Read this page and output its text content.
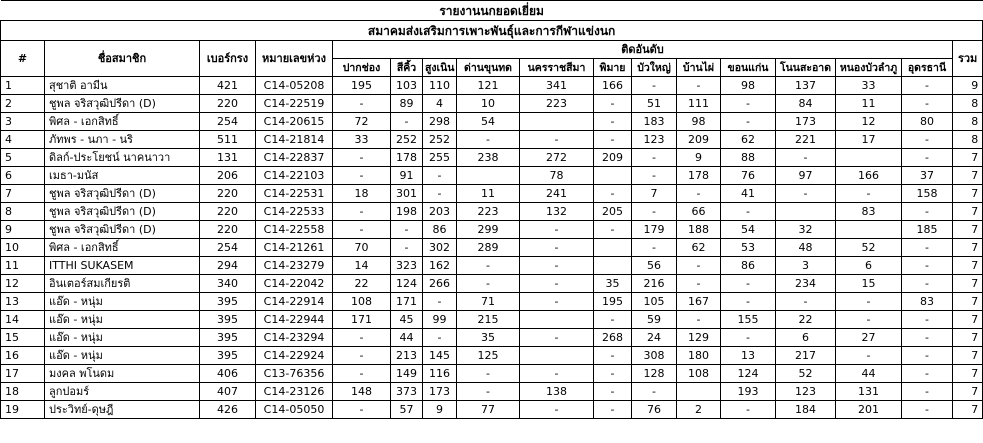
รายงานนกยอดเยี่ยม																
สมาคมส่งเสริมการเพาะพันธุ์และการกีฬาแข่งนก																
#	ชื่อสมาชิก	เบอร์กรง	หมายเลขห่วง	ติดอันดับ												รวม
				ปากช่อง	สีคิ้ว	สูงเนิน	ด่านขุนทด	นครราชสีมา	พิมาย	บัวใหญ่	บ้านไผ่	ขอนแก่น	โนนสะอาด	หนองบัวลำภู	อุดรธานี	
1	สุชาติ อามีน	421	C14-05208	195	103	110	121	341	166	-	-	98	137	33	-	9
2	ชูพล จริสวุฒิปรีดา (D)	220	C14-22519	-	89	4	10	223	-	51	111	-	84	11	-	8
3	พิศล - เอกสิทธิ์	254	C14-20615	72	-	298	54		-	183	98	-	173	12	80	8
4	ภัทพร - นภา - นริ	511	C14-21814	33	252	252	-	-	-	123	209	62	221	17	-	8
5	ดิลก์-ประโยชน์ นาคนาวา	131	C14-22837	-	178	255	238	272	209	-	9	88	-		-	7
6	เมธา-มนัส	206	C14-22103	-	91	-		78		-	178	76	97	166	37	7
7	ชูพล จริสวุฒิปรีดา (D)	220	C14-22531	18	301	-	11	241	-	7	-	41	-	-	158	7
8	ชูพล จริสวุฒิปรีดา (D)	220	C14-22533	-	198	203	223	132	205	-	66	-		83	-	7
9	ชูพล จริสวุฒิปรีดา (D)	220	C14-22558	-	-	86	299	-	-	179	188	54	32		185	7
10	พิศล - เอกสิทธิ์	254	C14-21261	70	-	302	289	-		-	62	53	48	52	-	7
11	ITTHI SUKASEM	294	C14-23279	14	323	162	-	-		56	-	86	3	6	-	7
12	อินเตอร์สมเกียรติ	340	C14-22042	22	124	266	-	-	35	216	-	-	234	15	-	7
13	แอ๊ด - หนุ่ม	395	C14-22914	108	171	-	71	-	195	105	167	-	-	-	83	7
14	แอ๊ด - หนุ่ม	395	C14-22944	171	45	99	215		-	59	-	155	22	-	-	7
15	แอ๊ด - หนุ่ม	395	C14-23294	-	44	-	35	-	268	24	129	-	6	27	-	7
16	แอ๊ด - หนุ่ม	395	C14-22924	-	213	145	125		-	308	180	13	217	-	-	7
17	มงคล พโนดม	406	C13-76356	-	149	116	-	-	-	128	108	124	52	44	-	7
18	ลูกปอมร์	407	C14-23126	148	373	173	-	138	-	-		193	123	131	-	7
19	ประวิทย์-ดุษฎี	426	C14-05050	-	57	9	77	-	-	76	2	-	184	201	-	7
